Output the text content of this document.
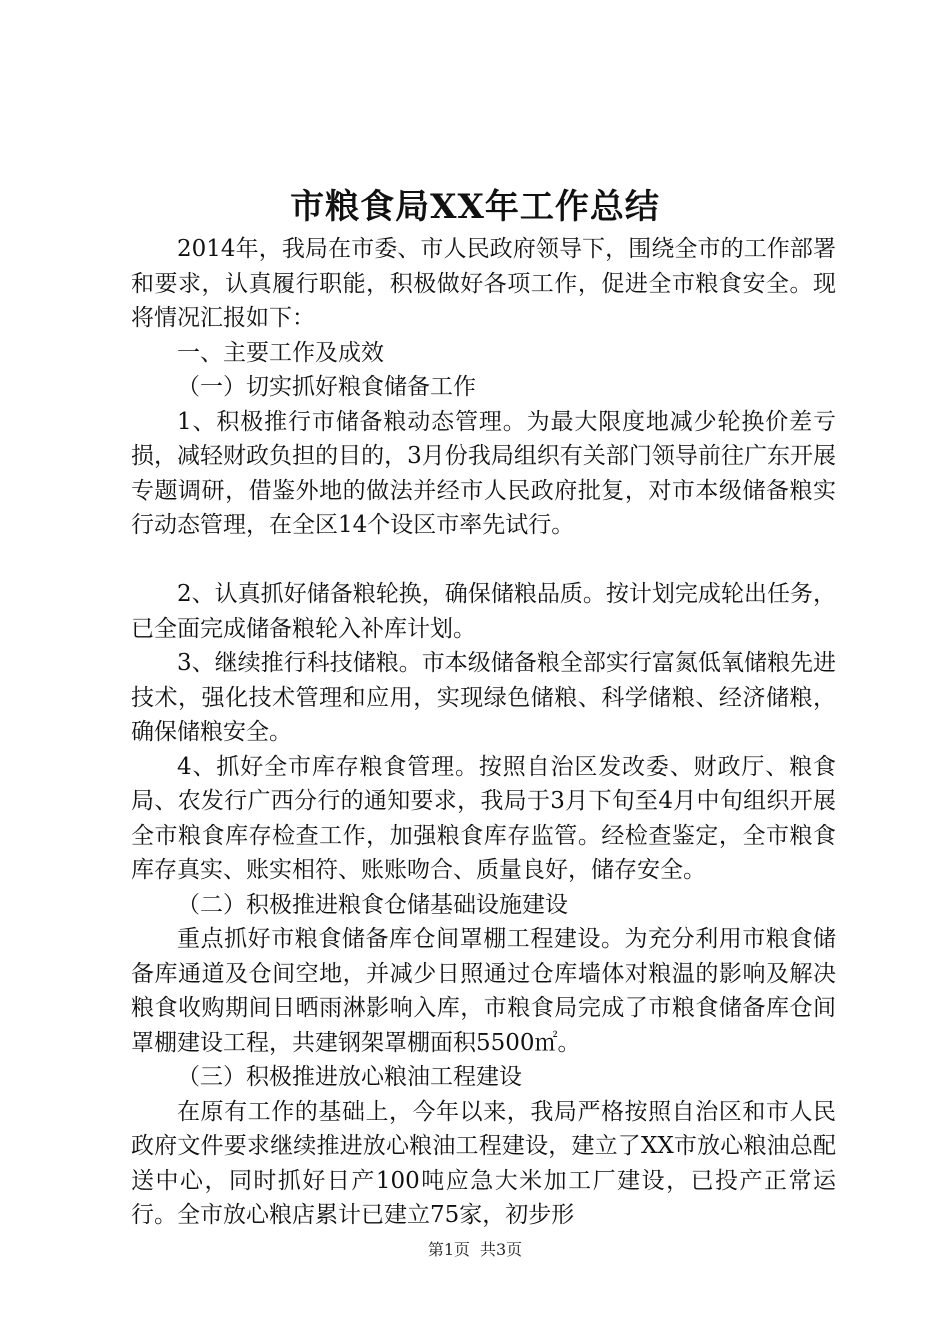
市粮食局XX年工作总结

2014年，我局在市委、市人民政府领导下，围绕全市的工作部署和要求，认真履行职能，积极做好各项工作，促进全市粮食安全。现将情况汇报如下：

一、主要工作及成效

（一）切实抓好粮食储备工作

1、积极推行市储备粮动态管理。为最大限度地减少轮换价差亏损，减轻财政负担的目的，3月份我局组织有关部门领导前往广东开展专题调研，借鉴外地的做法并经市人民政府批复，对市本级储备粮实行动态管理，在全区14个设区市率先试行。

2、认真抓好储备粮轮换，确保储粮品质。按计划完成轮出任务，已全面完成储备粮轮入补库计划。

3、继续推行科技储粮。市本级储备粮全部实行富氮低氧储粮先进技术，强化技术管理和应用，实现绿色储粮、科学储粮、经济储粮，确保储粮安全。

4、抓好全市库存粮食管理。按照自治区发改委、财政厅、粮食局、农发行广西分行的通知要求，我局于3月下旬至4月中旬组织开展全市粮食库存检查工作，加强粮食库存监管。经检查鉴定，全市粮食库存真实、账实相符、账账吻合、质量良好，储存安全。

（二）积极推进粮食仓储基础设施建设

重点抓好市粮食储备库仓间罩棚工程建设。为充分利用市粮食储备库通道及仓间空地，并减少日照通过仓库墙体对粮温的影响及解决粮食收购期间日晒雨淋影响入库，市粮食局完成了市粮食储备库仓间罩棚建设工程，共建钢架罩棚面积5500㎡。

（三）积极推进放心粮油工程建设

在原有工作的基础上，今年以来，我局严格按照自治区和市人民政府文件要求继续推进放心粮油工程建设，建立了XX市放心粮油总配送中心，同时抓好日产100吨应急大米加工厂建设，已投产正常运行。全市放心粮店累计已建立75家，初步形

第1页 共3页
